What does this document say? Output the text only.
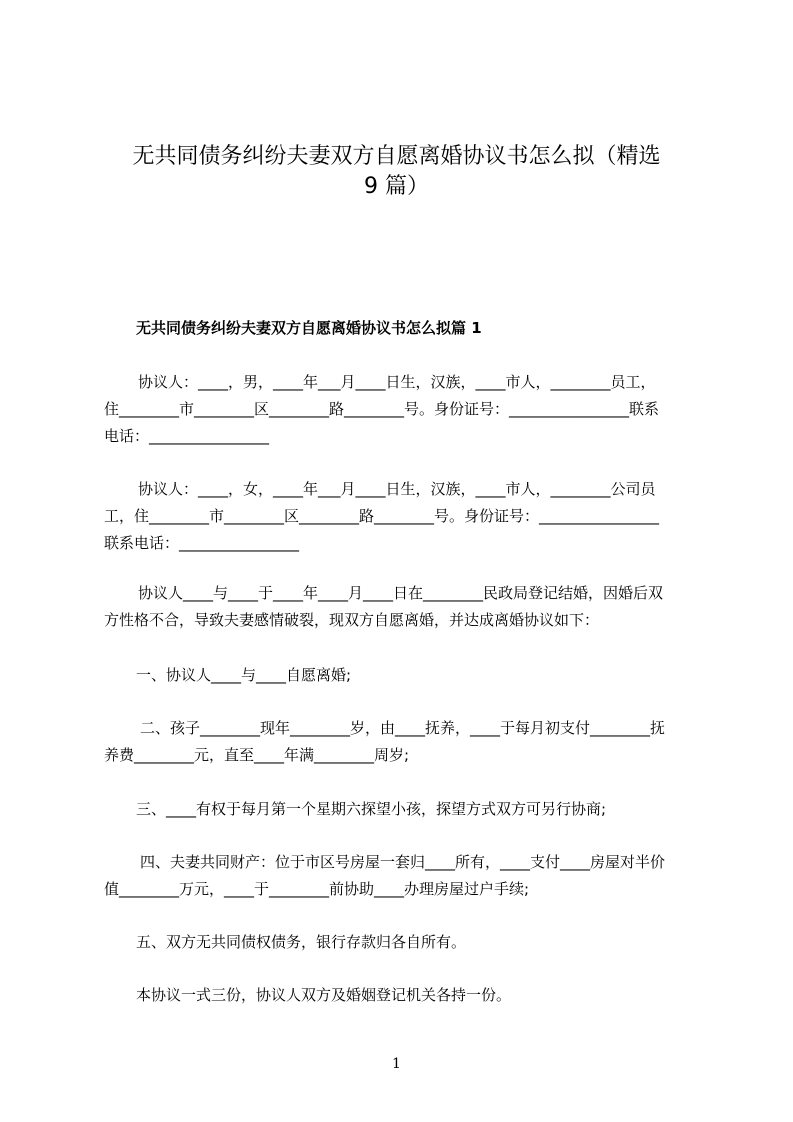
无共同债务纠纷夫妻双方自愿离婚协议书怎么拟（精选
9 篇）
无共同债务纠纷夫妻双方自愿离婚协议书怎么拟篇 1
协议人：____，男，____年___月____日生，汉族，____市人，________员工，
住________市________区________路________号。身份证号：________________联系
电话：________________
协议人：____，女，____年___月____日生，汉族，____市人，________公司员
工，住________市________区________路________号。身份证号：________________
联系电话：________________
协议人____与____于____年____月____日在________民政局登记结婚，因婚后双
方性格不合，导致夫妻感情破裂，现双方自愿离婚，并达成离婚协议如下：
一、协议人____与____自愿离婚;
二、孩子________现年________岁，由____抚养，____于每月初支付________抚
养费________元，直至____年满________周岁;
三、____有权于每月第一个星期六探望小孩，探望方式双方可另行协商;
四、夫妻共同财产：位于市区号房屋一套归____所有，____支付____房屋对半价
值________万元，____于________前协助____办理房屋过户手续;
五、双方无共同债权债务，银行存款归各自所有。
本协议一式三份，协议人双方及婚姻登记机关各持一份。
1
